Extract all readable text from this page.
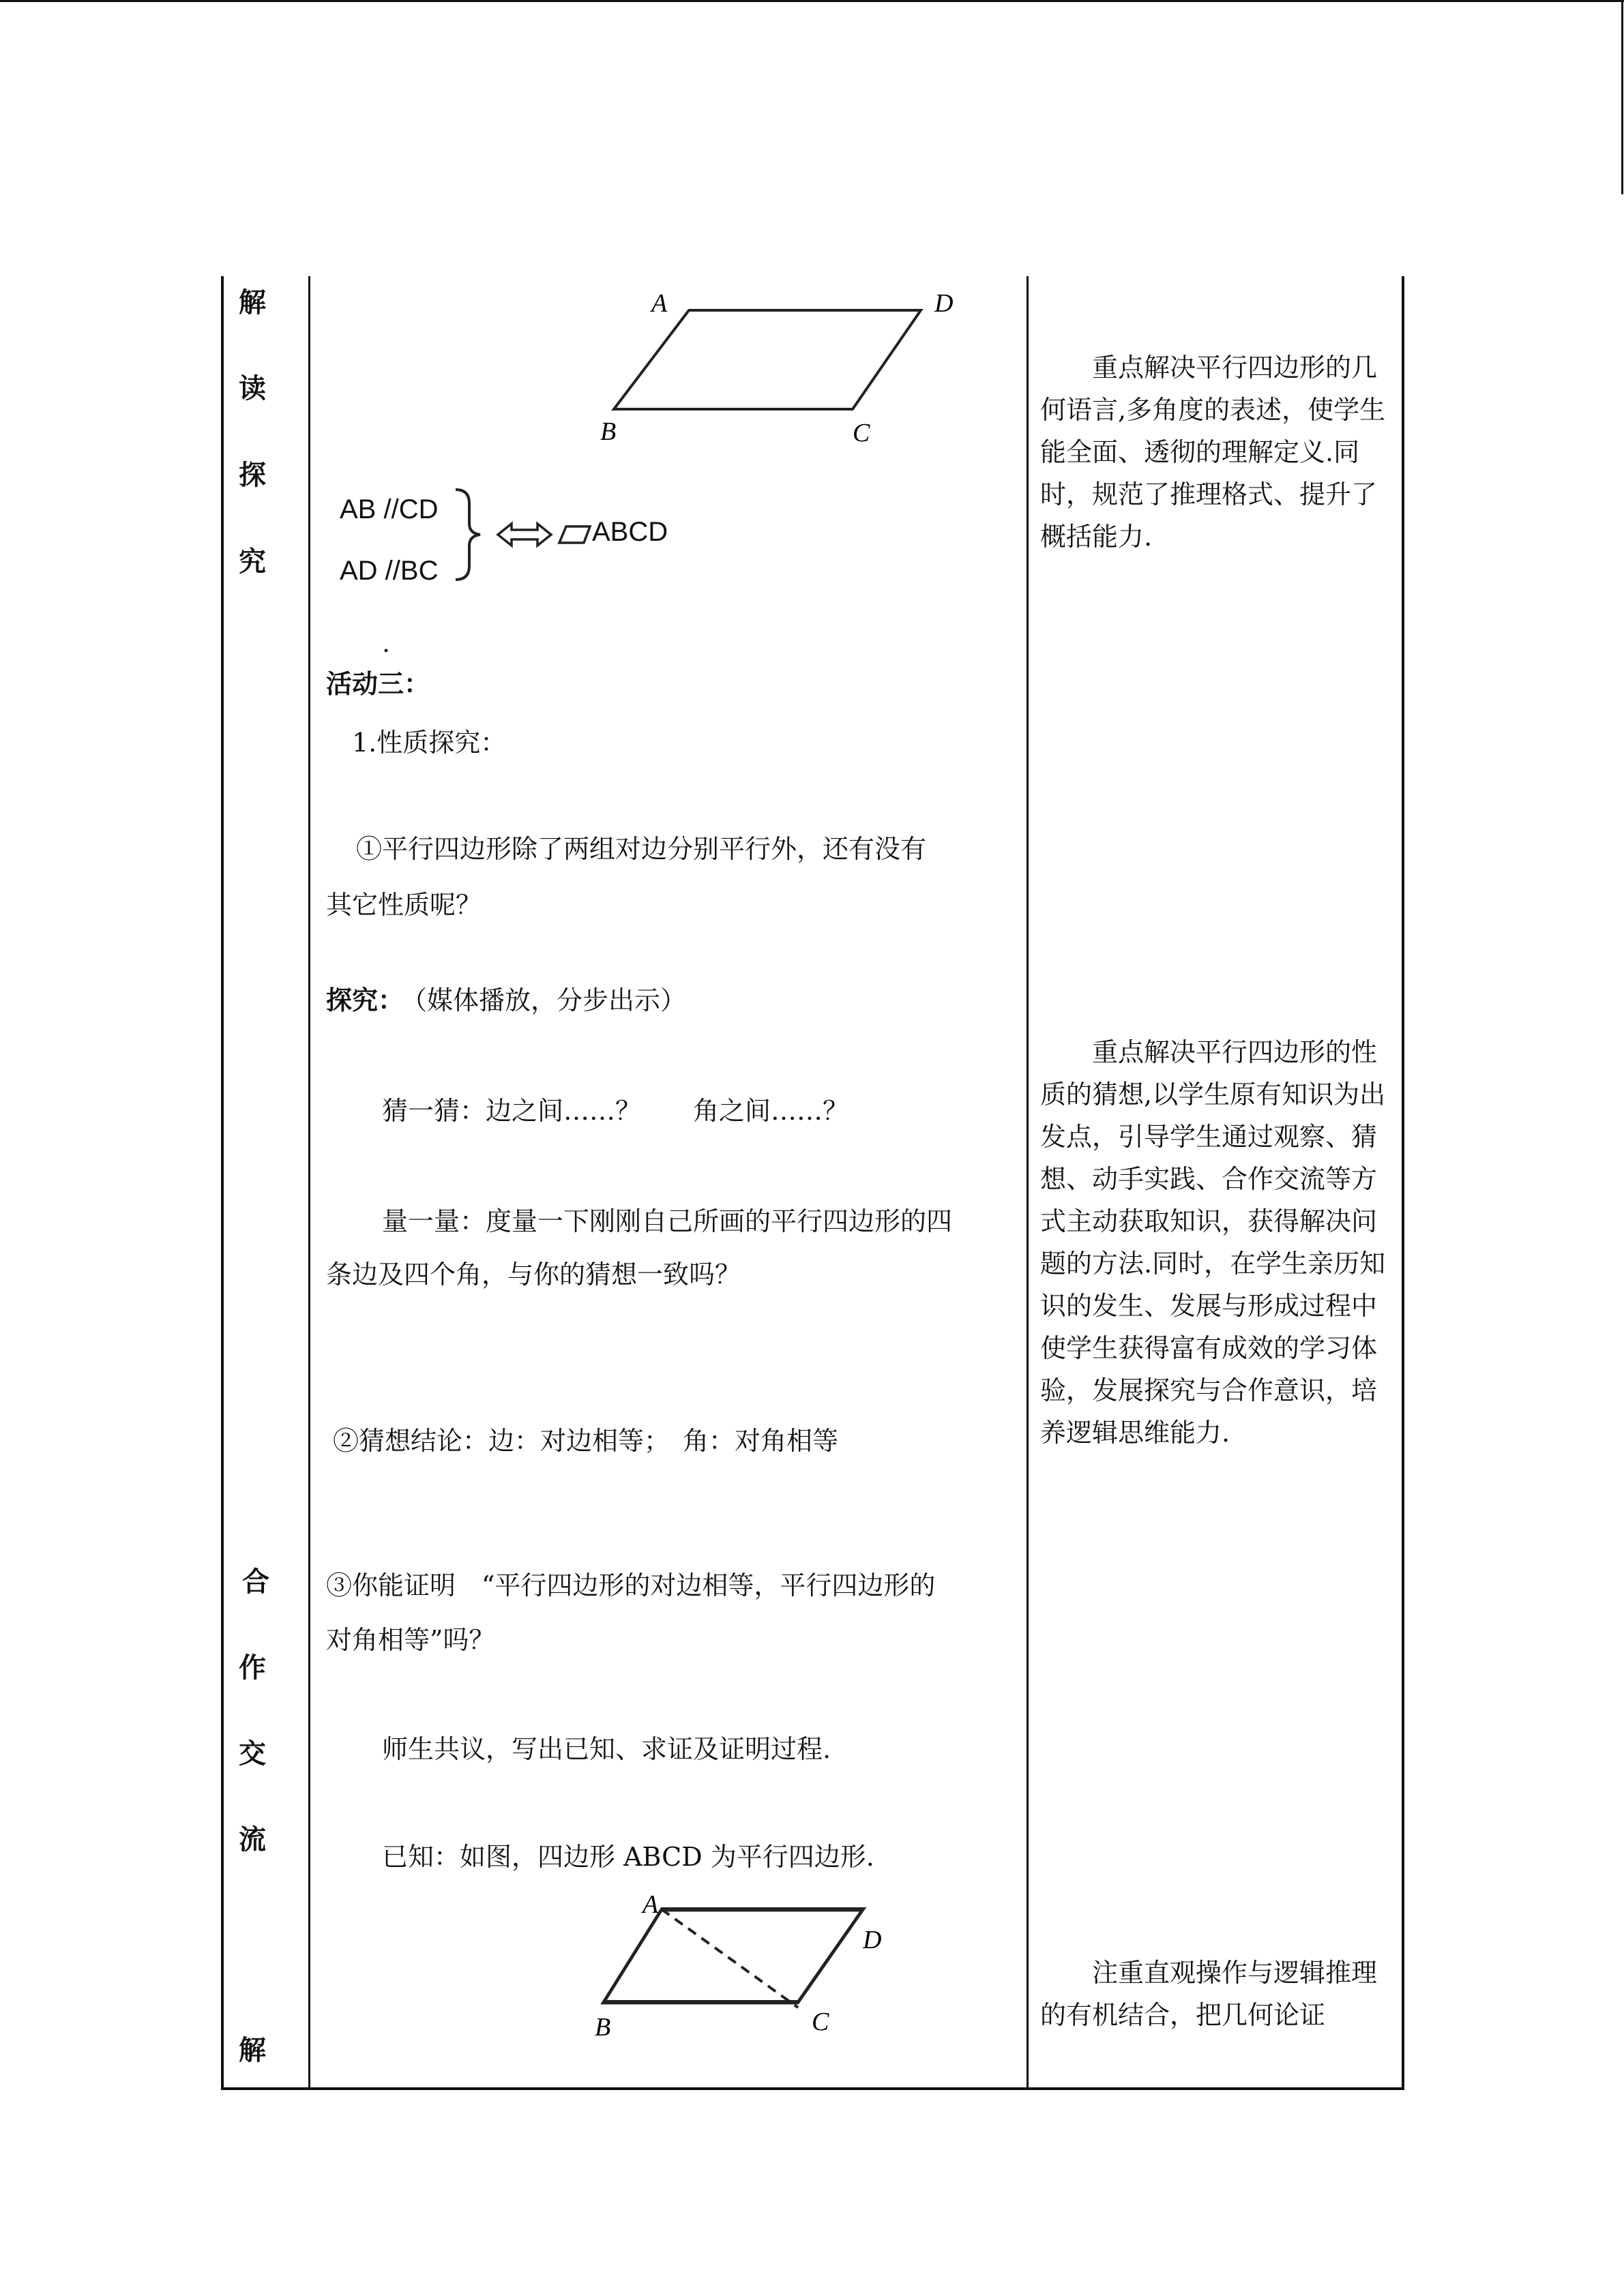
解
读
探
究
合
作
交
流
解
A	D
B	C
AB //CD
AD //BC
ABCD
.
活动三：
1.性质探究：
①平行四边形除了两组对边分别平行外，还有没有
其它性质呢？
探究：
（媒体播放，分步出示）
猜一猜：边之间……？　　角之间……？
量一量：度量一下刚刚自己所画的平行四边形的四
条边及四个角，与你的猜想一致吗？
②猜想结论：边：对边相等；　角：对角相等
③你能证明　“平行四边形的对边相等，平行四边形的
对角相等”吗？
师生共议，写出已知、求证及证明过程.
已知：如图，四边形 ABCD 为平行四边形.
A
D
B	C
　　重点解决平行四边形的几何语言,多角度的表述，使学生能全面、透彻的理解定义.同时，规范了推理格式、提升了概括能力.
　　重点解决平行四边形的性质的猜想,以学生原有知识为出发点，引导学生通过观察、猜想、动手实践、合作交流等方式主动获取知识，获得解决问题的方法.同时，在学生亲历知识的发生、发展与形成过程中使学生获得富有成效的学习体验，发展探究与合作意识，培养逻辑思维能力.
　　注重直观操作与逻辑推理的有机结合，把几何论证
